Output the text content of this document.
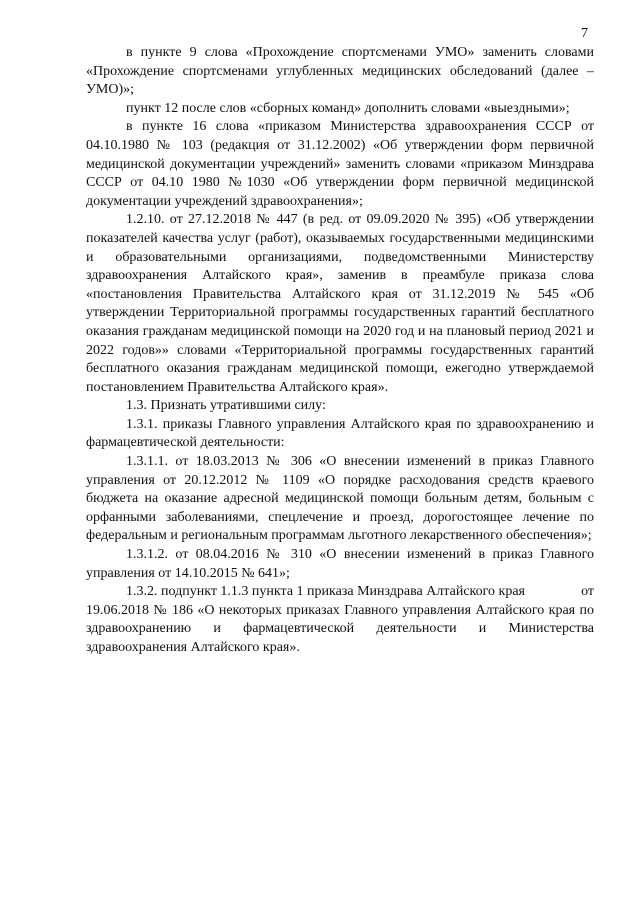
7

в пункте 9 слова «Прохождение спортсменами УМО» заменить словами «Прохождение спортсменами углубленных медицинских обследований (далее – УМО)»;

пункт 12 после слов «сборных команд» дополнить словами «выездными»;

в пункте 16 слова «приказом Министерства здравоохранения СССР от 04.10.1980 № 103 (редакция от 31.12.2002) «Об утверждении форм первичной медицинской документации учреждений» заменить словами «приказом Минздрава СССР от 04.10 1980 №1030 «Об утверждении форм первичной медицинской документации учреждений здравоохранения»;

1.2.10. от 27.12.2018 № 447 (в ред. от 09.09.2020 № 395) «Об утверждении показателей качества услуг (работ), оказываемых государственными медицинскими и образовательными организациями, подведомственными Министерству здравоохранения Алтайского края», заменив в преамбуле приказа слова «постановления Правительства Алтайского края от 31.12.2019 № 545 «Об утверждении Территориальной программы государственных гарантий бесплатного оказания гражданам медицинской помощи на 2020 год и на плановый период 2021 и 2022 годов»» словами «Территориальной программы государственных гарантий бесплатного оказания гражданам медицинской помощи, ежегодно утверждаемой постановлением Правительства Алтайского края».

1.3. Признать утратившими силу:

1.3.1. приказы Главного управления Алтайского края по здравоохранению и фармацевтической деятельности:

1.3.1.1. от 18.03.2013 № 306 «О внесении изменений в приказ Главного управления от 20.12.2012 № 1109 «О порядке расходования средств краевого бюджета на оказание адресной медицинской помощи больным детям, больным с орфанными заболеваниями, спецлечение и проезд, дорогостоящее лечение по федеральным и региональным программам льготного лекарственного обеспечения»;

1.3.1.2. от 08.04.2016 № 310 «О внесении изменений в приказ Главного управления от 14.10.2015 № 641»;

1.3.2. подпункт 1.1.3 пункта 1 приказа Минздрава Алтайского края	от

19.06.2018 № 186 «О некоторых приказах Главного управления Алтайского края по здравоохранению и фармацевтической деятельности и Министерства здравоохранения Алтайского края».
